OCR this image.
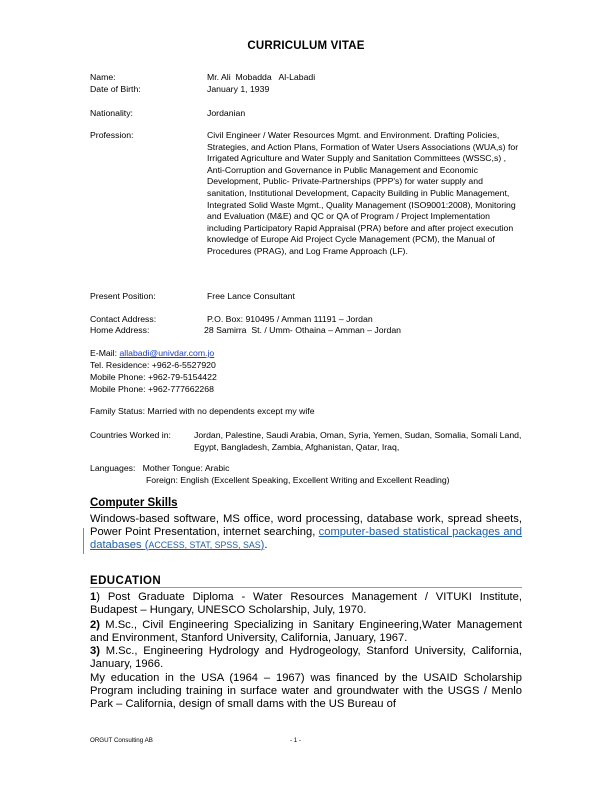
CURRICULUM VITAE
Name:	Mr. Ali  Mobadda   Al-Labadi
Date of Birth:	January 1, 1939
Nationality:	Jordanian
Profession:	Civil Engineer / Water Resources Mgmt. and Environment. Drafting Policies, Strategies, and Action Plans, Formation of Water Users Associations (WUA,s) for Irrigated Agriculture and Water Supply and Sanitation Committees (WSSC,s) , Anti-Corruption and Governance in Public Management and Economic Development, Public- Private-Partnerships (PPP's) for water supply and sanitation, Institutional Development, Capacity Building in Public Management, Integrated Solid Waste Mgmt., Quality Management (ISO9001:2008), Monitoring and Evaluation (M&E) and QC or QA of Program / Project Implementation including Participatory Rapid Appraisal (PRA) before and after project execution knowledge of Europe Aid Project Cycle Management (PCM), the Manual of Procedures (PRAG), and Log Frame Approach (LF).
Present Position:	Free Lance Consultant
Contact Address:	P.O. Box: 910495 / Amman 11191 – Jordan
Home Address:	28 Samirra  St. / Umm- Othaina – Amman – Jordan
E-Mail: allabadi@univdar.com.jo
Tel. Residence: +962-6-5527920
Mobile Phone: +962-79-5154422
Mobile Phone: +962-777662268
Family Status: Married with no dependents except my wife
Countries Worked in:	Jordan, Palestine, Saudi Arabia, Oman, Syria, Yemen, Sudan, Somalia, Somali Land, Egypt, Bangladesh, Zambia, Afghanistan, Qatar, Iraq,
Languages: Mother Tongue: Arabic
Foreign: English (Excellent Speaking, Excellent Writing and Excellent Reading)
Computer Skills
Windows-based software, MS office, word processing, database work, spread sheets, Power Point Presentation, internet searching, computer-based statistical packages and databases (ACCESS, STAT, SPSS, SAS).
EDUCATION
1) Post Graduate Diploma - Water Resources Management / VITUKI Institute, Budapest – Hungary, UNESCO Scholarship, July, 1970.
2) M.Sc., Civil Engineering Specializing in Sanitary Engineering,Water Management and Environment, Stanford University, California, January, 1967.
3) M.Sc., Engineering Hydrology and Hydrogeology, Stanford University, California, January, 1966.
My education in the USA (1964 – 1967) was financed by the USAID Scholarship Program including training in surface water and groundwater with the USGS / Menlo Park – California, design of small dams with the US Bureau of
ORGUT Consulting AB	- 1 -
